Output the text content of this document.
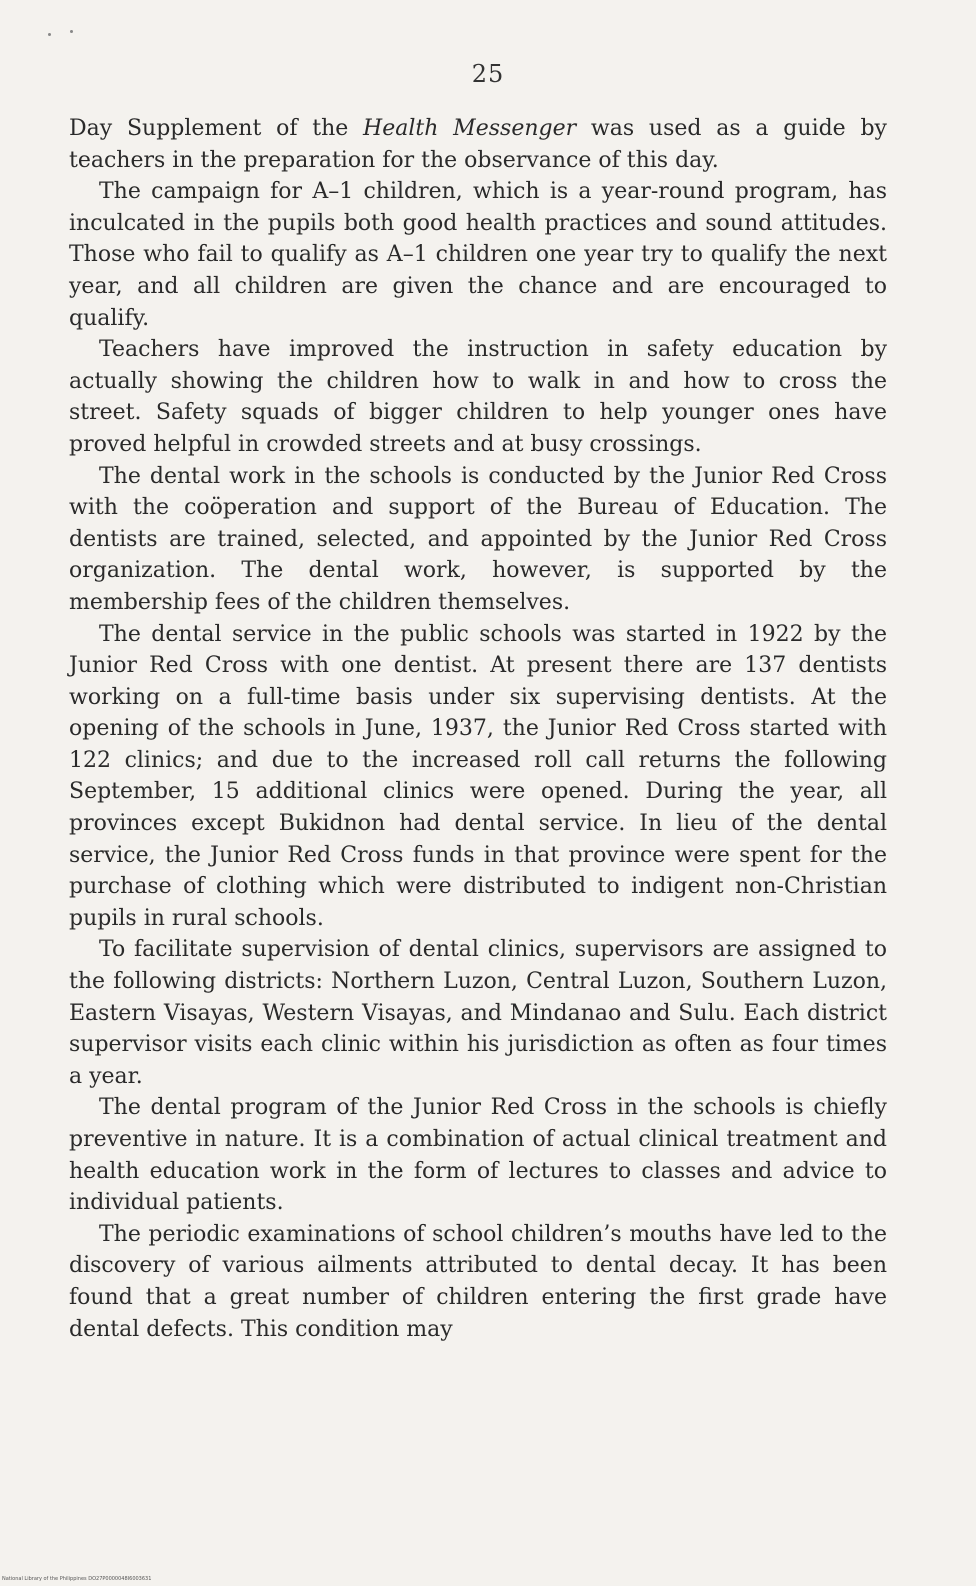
25

Day Supplement of the Health Messenger was used as a guide by teachers in the preparation for the observance of this day.

The campaign for A–1 children, which is a year-round program, has inculcated in the pupils both good health practices and sound attitudes. Those who fail to qualify as A–1 children one year try to qualify the next year, and all children are given the chance and are encouraged to qualify.

Teachers have improved the instruction in safety education by actually showing the children how to walk in and how to cross the street. Safety squads of bigger children to help younger ones have proved helpful in crowded streets and at busy crossings.

The dental work in the schools is conducted by the Junior Red Cross with the coöperation and support of the Bureau of Education. The dentists are trained, selected, and appointed by the Junior Red Cross organization. The dental work, however, is supported by the membership fees of the children themselves.

The dental service in the public schools was started in 1922 by the Junior Red Cross with one dentist. At present there are 137 dentists working on a full-time basis under six supervising dentists. At the opening of the schools in June, 1937, the Junior Red Cross started with 122 clinics; and due to the increased roll call returns the following September, 15 additional clinics were opened. During the year, all provinces except Bukidnon had dental service. In lieu of the dental service, the Junior Red Cross funds in that province were spent for the purchase of clothing which were distributed to indigent non-Christian pupils in rural schools.

To facilitate supervision of dental clinics, supervisors are assigned to the following districts: Northern Luzon, Central Luzon, Southern Luzon, Eastern Visayas, Western Visayas, and Mindanao and Sulu. Each district supervisor visits each clinic within his jurisdiction as often as four times a year.

The dental program of the Junior Red Cross in the schools is chiefly preventive in nature. It is a combination of actual clinical treatment and health education work in the form of lectures to classes and advice to individual patients.

The periodic examinations of school children’s mouths have led to the discovery of various ailments attributed to dental decay. It has been found that a great number of children entering the first grade have dental defects. This condition may

National Library of the Philippines DO27P0000048I6003631
